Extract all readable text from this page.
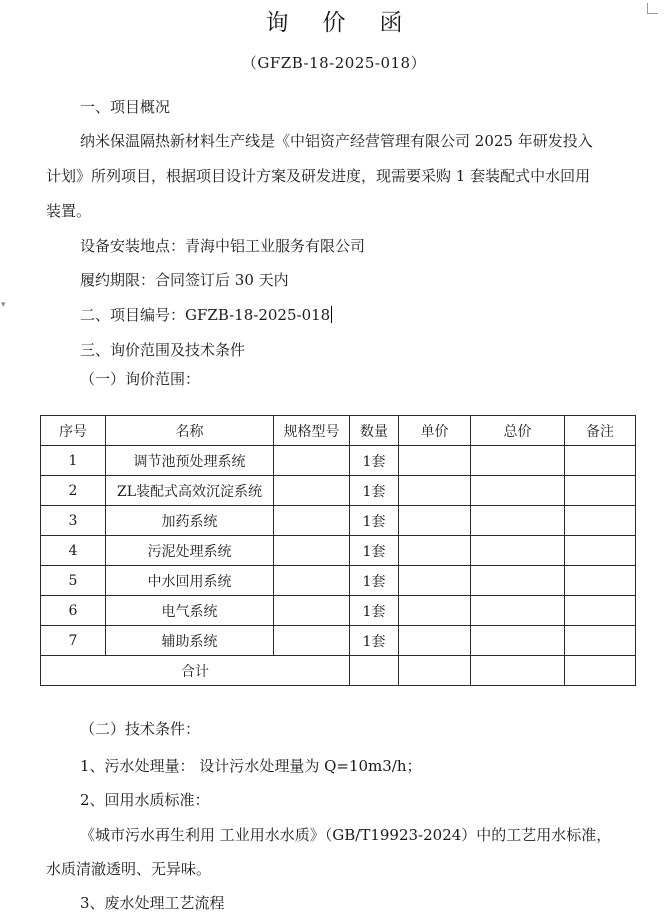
▾
询价函
（GFZB-18-2025-018）
一、项目概况
纳米保温隔热新材料生产线是《中铝资产经营管理有限公司 2025 年研发投入
计划》所列项目，根据项目设计方案及研发进度，现需要采购 1 套装配式中水回用
装置。
设备安装地点：青海中铝工业服务有限公司
履约期限：合同签订后 30 天内
二、项目编号：GFZB-18-2025-018
三、询价范围及技术条件
（一）询价范围：
序号	名称	规格型号	数量	单价	总价	备注
1	调节池预处理系统		1套			
2	ZL装配式高效沉淀系统		1套			
3	加药系统		1套			
4	污泥处理系统		1套			
5	中水回用系统		1套			
6	电气系统		1套			
7	辅助系统		1套			
合计						
（二）技术条件：
1、污水处理量： 设计污水处理量为 Q=10m3/h；
2、回用水质标准：
《城市污水再生利用 工业用水水质》（GB/T19923-2024）中的工艺用水标准，
水质清澈透明、无异味。
3、废水处理工艺流程
